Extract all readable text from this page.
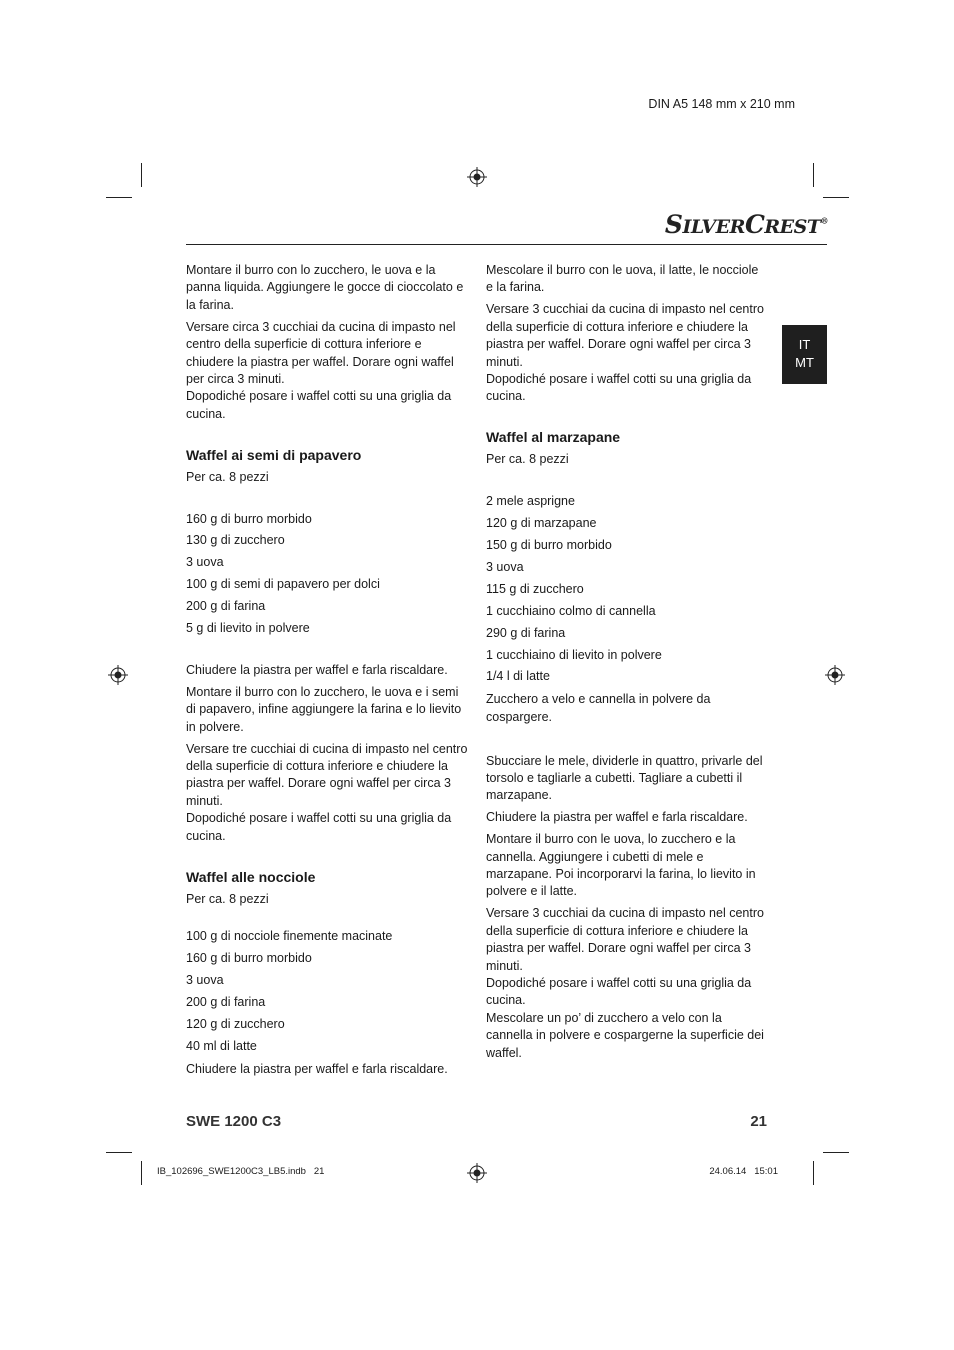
DIN A5 148 mm x 210 mm
SILVERCREST®
IT
MT

Montare il burro con lo zucchero, le uova e la panna liquida. Aggiungere le gocce di cioccolato e la farina.

Versare circa 3 cucchiai da cucina di impasto nel centro della superficie di cottura inferiore e chiudere la piastra per waffel. Dorare ogni waffel per circa 3 minuti.

Dopodiché posare i waffel cotti su una griglia da cucina.

Waffel ai semi di papavero

Per ca. 8 pezzi

160 g di burro morbido
130 g di zucchero
3 uova
100 g di semi di papavero per dolci
200 g di farina
5 g di lievito in polvere

Chiudere la piastra per waffel e farla riscaldare.

Montare il burro con lo zucchero, le uova e i semi di papavero, infine aggiungere la farina e lo lievito in polvere.

Versare tre cucchiai di cucina di impasto nel centro della superficie di cottura inferiore e chiudere la piastra per waffel. Dorare ogni waffel per circa 3 minuti.

Dopodiché posare i waffel cotti su una griglia da cucina.

Waffel alle nocciole

Per ca. 8 pezzi

100 g di nocciole finemente macinate
160 g di burro morbido
3 uova
200 g di farina
120 g di zucchero
40 ml di latte

Chiudere la piastra per waffel e farla riscaldare.

Mescolare il burro con le uova, il latte, le nocciole e la farina.

Versare 3 cucchiai da cucina di impasto nel centro della superficie di cottura inferiore e chiudere la piastra per waffel. Dorare ogni waffel per circa 3 minuti.

Dopodiché posare i waffel cotti su una griglia da cucina.

Waffel al marzapane

Per ca. 8 pezzi

2 mele asprigne
120 g di marzapane
150 g di burro morbido
3 uova
115 g di zucchero
1 cucchiaino colmo di cannella
290 g di farina
1 cucchiaino di lievito in polvere
1/4 l di latte

Zucchero a velo e cannella in polvere da cospargere.

Sbucciare le mele, dividerle in quattro, privarle del torsolo e tagliarle a cubetti. Tagliare a cubetti il marzapane.

Chiudere la piastra per waffel e farla riscaldare.

Montare il burro con le uova, lo zucchero e la cannella. Aggiungere i cubetti di mele e marzapane. Poi incorporarvi la farina, lo lievito in polvere e il latte.

Versare 3 cucchiai da cucina di impasto nel centro della superficie di cottura inferiore e chiudere la piastra per waffel. Dorare ogni waffel per circa 3 minuti.

Dopodiché posare i waffel cotti su una griglia da cucina.

Mescolare un po’ di zucchero a velo con la cannella in polvere e cospargerne la superficie dei waffel.

SWE 1200 C3	21
IB_102696_SWE1200C3_LB5.indb   21	24.06.14   15:01
